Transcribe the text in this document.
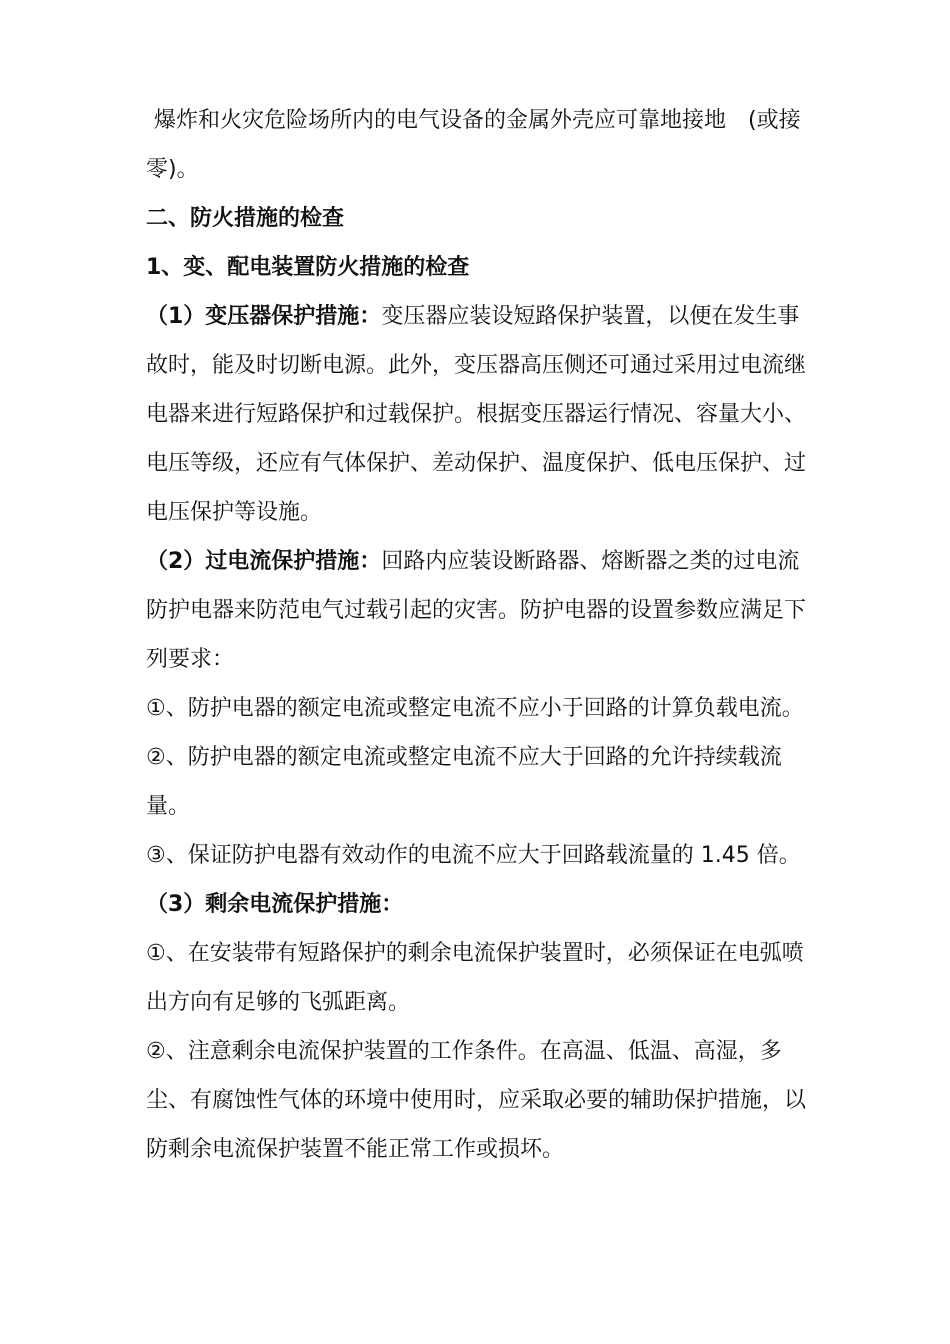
爆炸和火灾危险场所内的电气设备的金属外壳应可靠地接地　(或接零)。

二、防火措施的检查

1、变、配电装置防火措施的检查

（1）变压器保护措施：变压器应装设短路保护装置，以便在发生事故时，能及时切断电源。此外，变压器高压侧还可通过采用过电流继电器来进行短路保护和过载保护。根据变压器运行情况、容量大小、电压等级，还应有气体保护、差动保护、温度保护、低电压保护、过电压保护等设施。

（2）过电流保护措施：回路内应装设断路器、熔断器之类的过电流防护电器来防范电气过载引起的灾害。防护电器的设置参数应满足下列要求：

①、防护电器的额定电流或整定电流不应小于回路的计算负载电流。

②、防护电器的额定电流或整定电流不应大于回路的允许持续载流量。

③、保证防护电器有效动作的电流不应大于回路载流量的 1.45 倍。

（3）剩余电流保护措施：

①、在安装带有短路保护的剩余电流保护装置时，必须保证在电弧喷出方向有足够的飞弧距离。

②、注意剩余电流保护装置的工作条件。在高温、低温、高湿，多尘、有腐蚀性气体的环境中使用时，应采取必要的辅助保护措施，以防剩余电流保护装置不能正常工作或损坏。
